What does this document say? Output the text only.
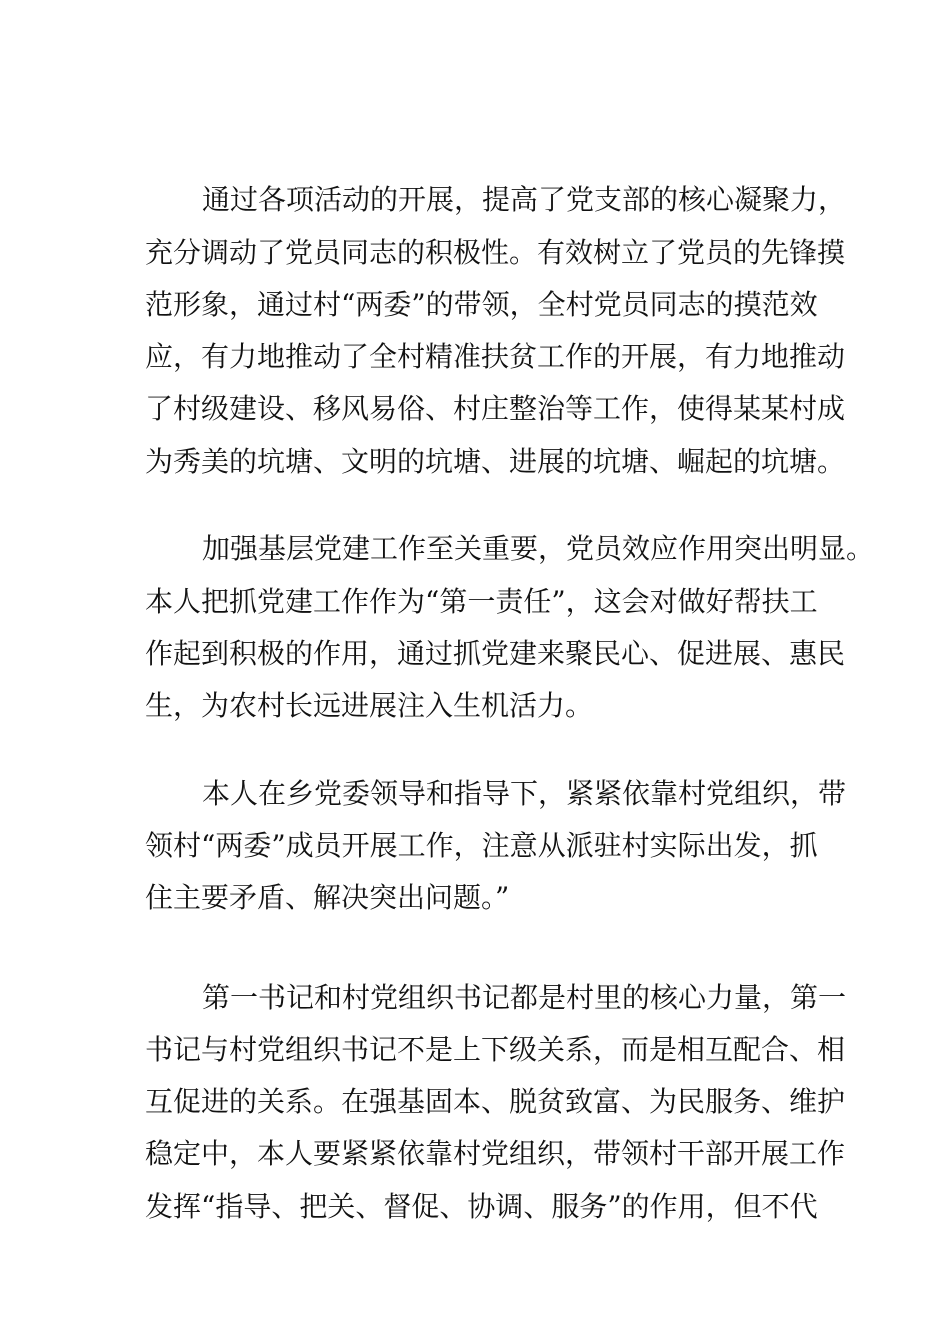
通过各项活动的开展，提高了党支部的核心凝聚力，
充分调动了党员同志的积极性。有效树立了党员的先锋摸
范形象，通过村“两委”的带领，全村党员同志的摸范效
应，有力地推动了全村精准扶贫工作的开展，有力地推动
了村级建设、移风易俗、村庄整治等工作，使得某某村成
为秀美的坑塘、文明的坑塘、进展的坑塘、崛起的坑塘。
加强基层党建工作至关重要，党员效应作用突出明显。
本人把抓党建工作作为“第一责任”，这会对做好帮扶工
作起到积极的作用，通过抓党建来聚民心、促进展、惠民
生，为农村长远进展注入生机活力。
本人在乡党委领导和指导下，紧紧依靠村党组织，带
领村“两委”成员开展工作，注意从派驻村实际出发，抓
住主要矛盾、解决突出问题。”
第一书记和村党组织书记都是村里的核心力量，第一
书记与村党组织书记不是上下级关系，而是相互配合、相
互促进的关系。在强基固本、脱贫致富、为民服务、维护
稳定中，本人要紧紧依靠村党组织，带领村干部开展工作
发挥“指导、把关、督促、协调、服务”的作用，但不代
